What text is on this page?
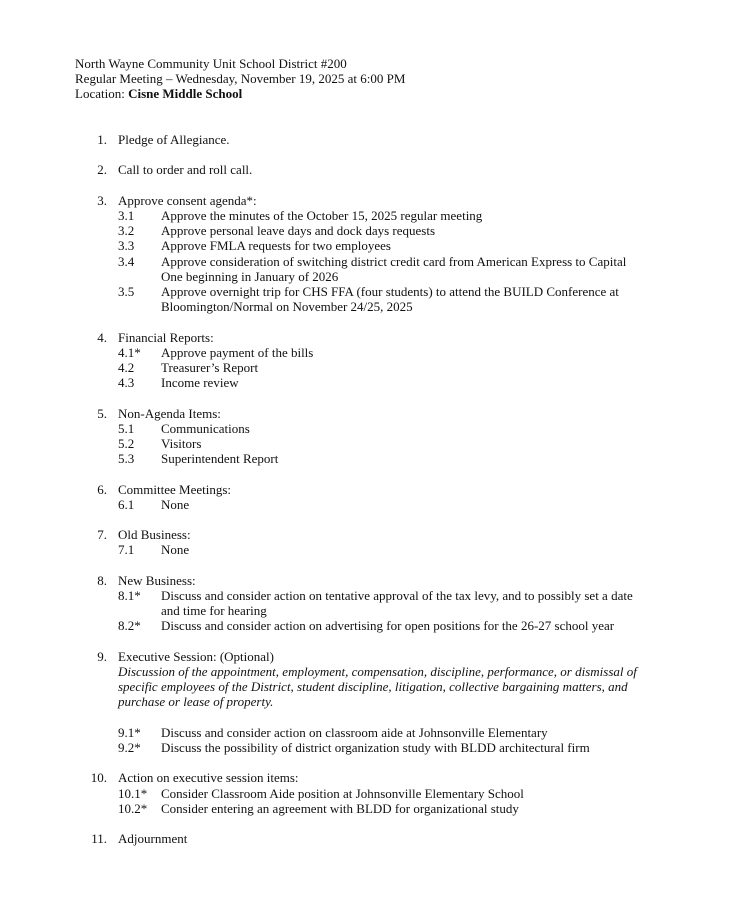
North Wayne Community Unit School District #200
Regular Meeting – Wednesday, November 19, 2025 at 6:00 PM
Location: Cisne Middle School
1. Pledge of Allegiance.
2. Call to order and roll call.
3. Approve consent agenda*:
3.1	Approve the minutes of the October 15, 2025 regular meeting
3.2	Approve personal leave days and dock days requests
3.3	Approve FMLA requests for two employees
3.4	Approve consideration of switching district credit card from American Express to Capital One beginning in January of 2026
3.5	Approve overnight trip for CHS FFA (four students) to attend the BUILD Conference at Bloomington/Normal on November 24/25, 2025
4. Financial Reports:
4.1*	Approve payment of the bills
4.2	Treasurer’s Report
4.3	Income review
5. Non-Agenda Items:
5.1	Communications
5.2	Visitors
5.3	Superintendent Report
6. Committee Meetings:
6.1	None
7. Old Business:
7.1	None
8. New Business:
8.1*	Discuss and consider action on tentative approval of the tax levy, and to possibly set a date and time for hearing
8.2*	Discuss and consider action on advertising for open positions for the 26-27 school year
9. Executive Session: (Optional)
Discussion of the appointment, employment, compensation, discipline, performance, or dismissal of specific employees of the District, student discipline, litigation, collective bargaining matters, and purchase or lease of property.
9.1*	Discuss and consider action on classroom aide at Johnsonville Elementary
9.2*	Discuss the possibility of district organization study with BLDD architectural firm
10. Action on executive session items:
10.1*	Consider Classroom Aide position at Johnsonville Elementary School
10.2*	Consider entering an agreement with BLDD for organizational study
11. Adjournment
